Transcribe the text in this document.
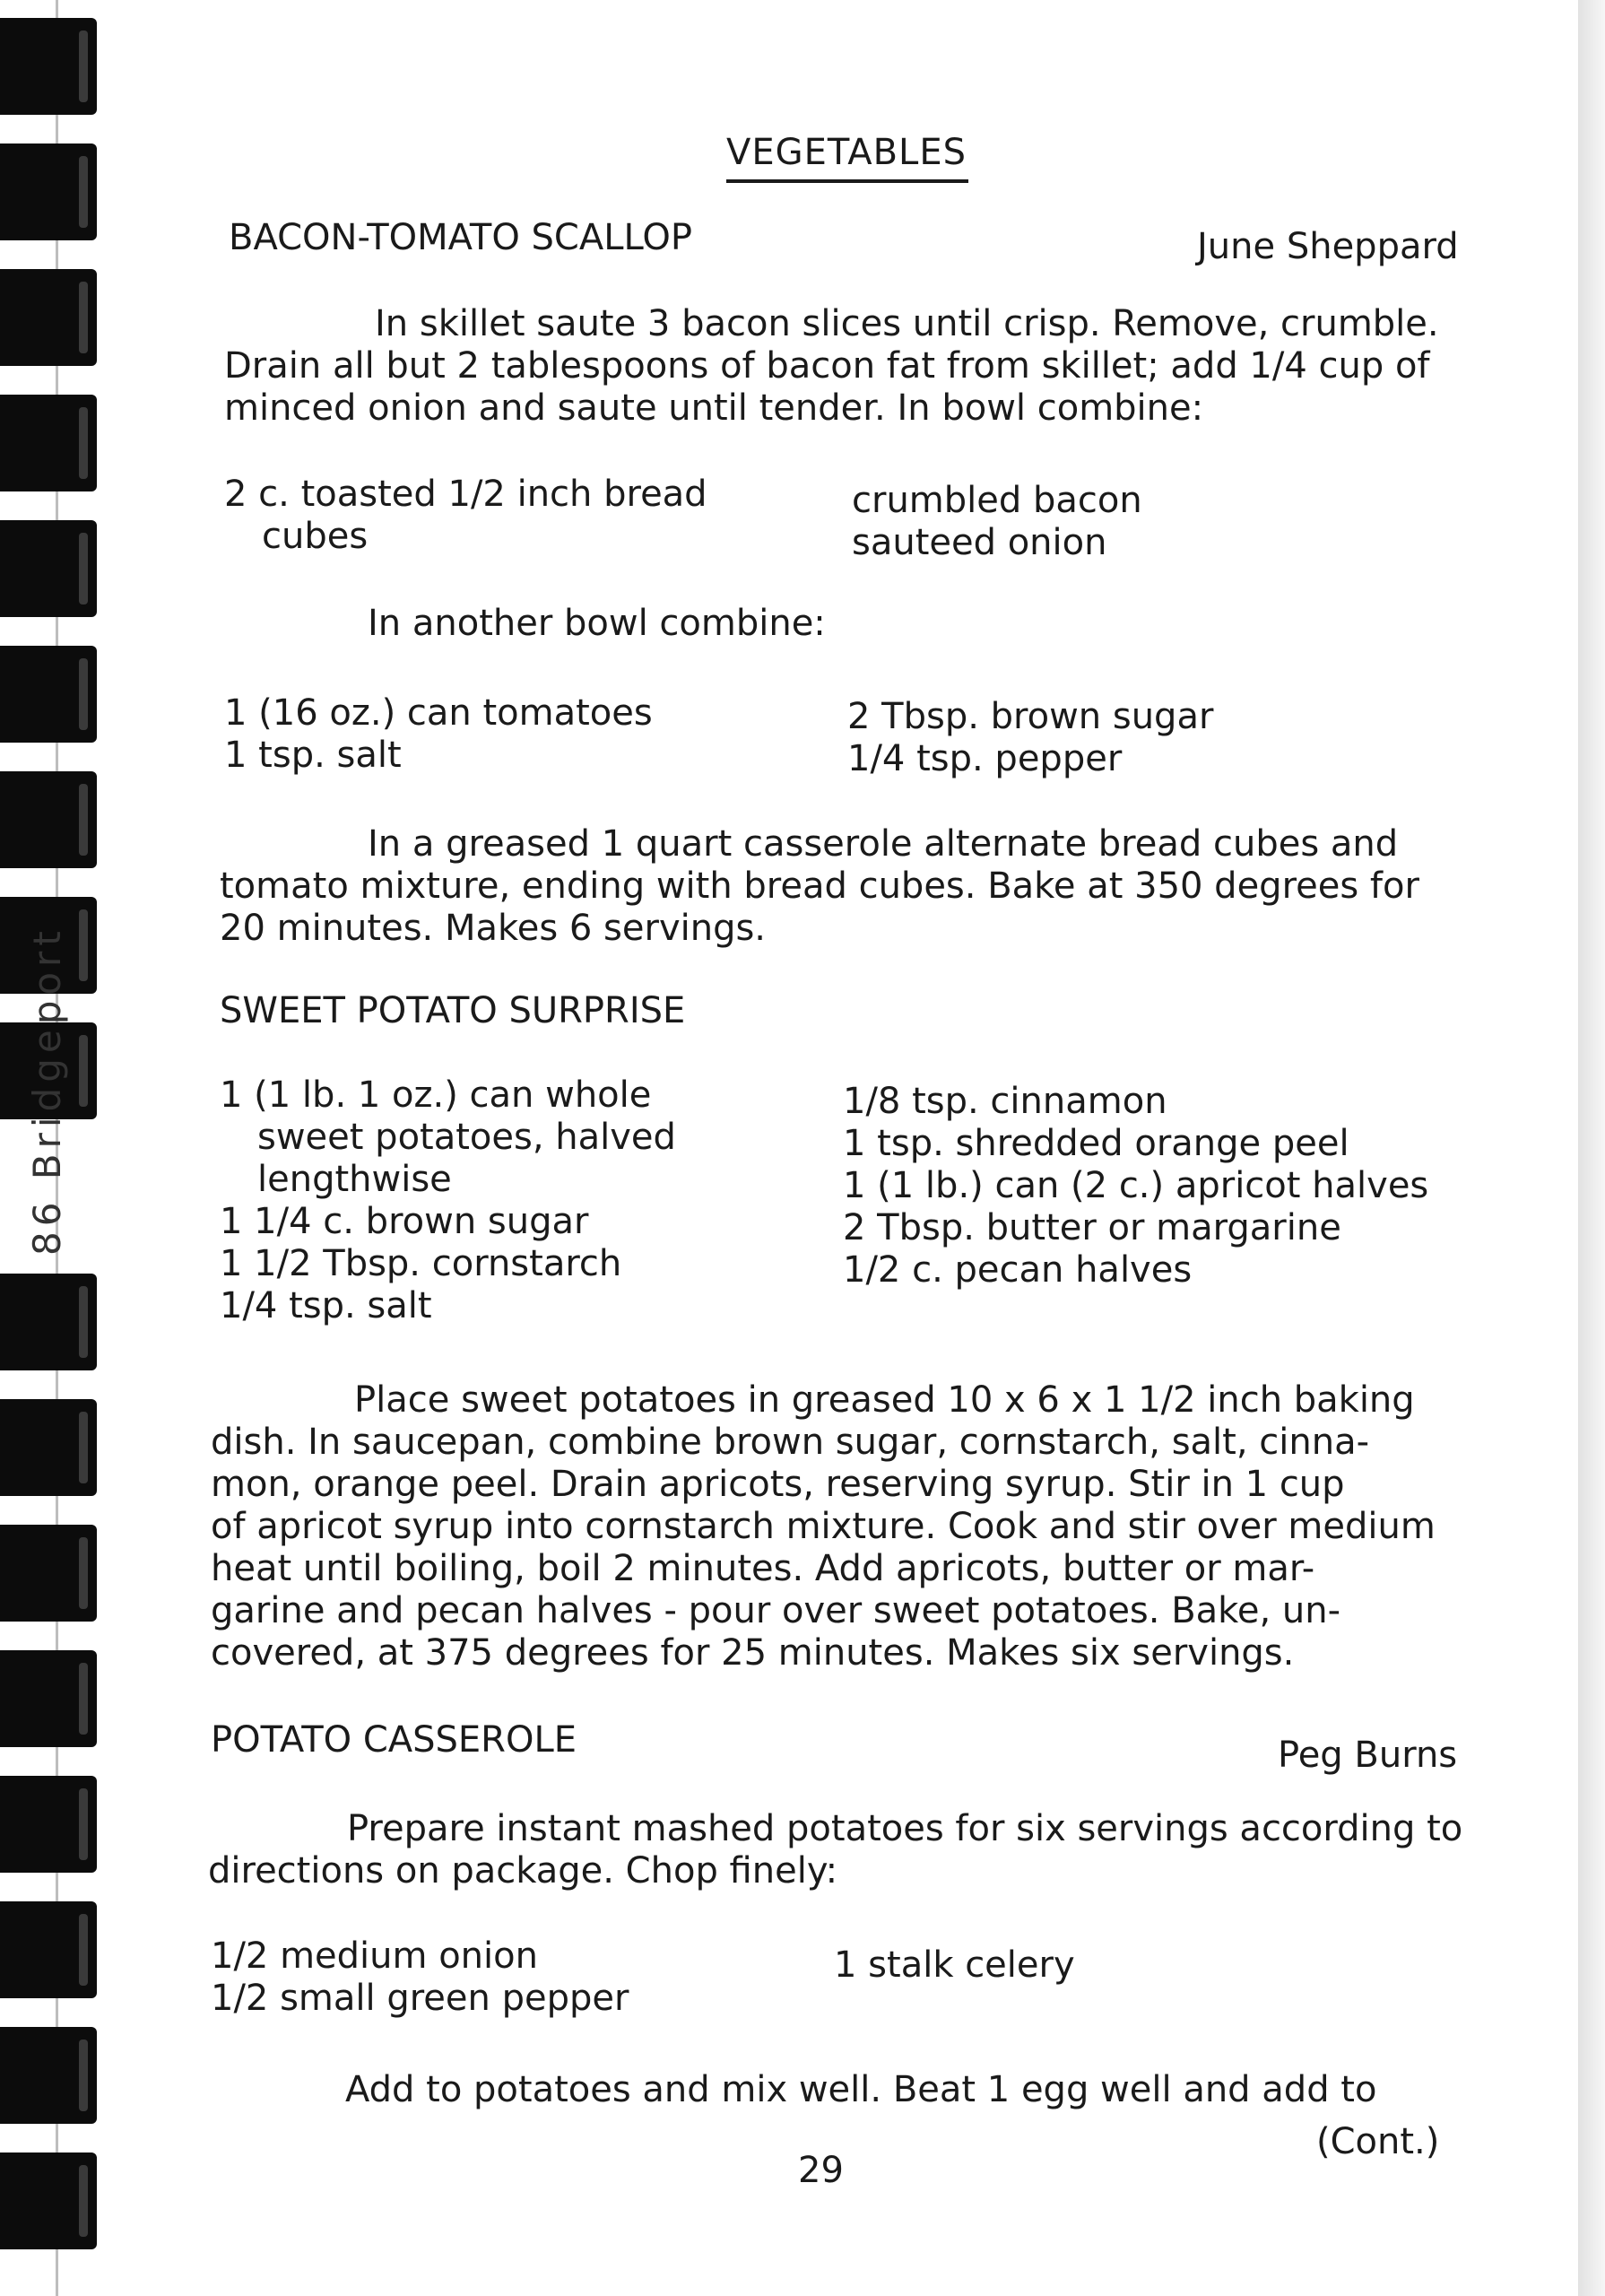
86 Bridgeport
VEGETABLES
BACON-TOMATO SCALLOP	June Sheppard
In skillet saute 3 bacon slices until crisp. Remove, crumble.
Drain all but 2 tablespoons of bacon fat from skillet; add 1/4 cup of
minced onion and saute until tender. In bowl combine:
2 c. toasted 1/2 inch bread
cubes
crumbled bacon
sauteed onion
In another bowl combine:
1 (16 oz.) can tomatoes
1 tsp. salt
2 Tbsp. brown sugar
1/4 tsp. pepper
In a greased 1 quart casserole alternate bread cubes and
tomato mixture, ending with bread cubes. Bake at 350 degrees for
20 minutes. Makes 6 servings.
SWEET POTATO SURPRISE
1 (1 lb. 1 oz.) can whole
sweet potatoes, halved
lengthwise
1 1/4 c. brown sugar
1 1/2 Tbsp. cornstarch
1/4 tsp. salt
1/8 tsp. cinnamon
1 tsp. shredded orange peel
1 (1 lb.) can (2 c.) apricot halves
2 Tbsp. butter or margarine
1/2 c. pecan halves
Place sweet potatoes in greased 10 x 6 x 1 1/2 inch baking
dish. In saucepan, combine brown sugar, cornstarch, salt, cinna-
mon, orange peel. Drain apricots, reserving syrup. Stir in 1 cup
of apricot syrup into cornstarch mixture. Cook and stir over medium
heat until boiling, boil 2 minutes. Add apricots, butter or mar-
garine and pecan halves - pour over sweet potatoes. Bake, un-
covered, at 375 degrees for 25 minutes. Makes six servings.
POTATO CASSEROLE	Peg Burns
Prepare instant mashed potatoes for six servings according to
directions on package. Chop finely:
1/2 medium onion
1/2 small green pepper
1 stalk celery
Add to potatoes and mix well. Beat 1 egg well and add to
(Cont.)
29
